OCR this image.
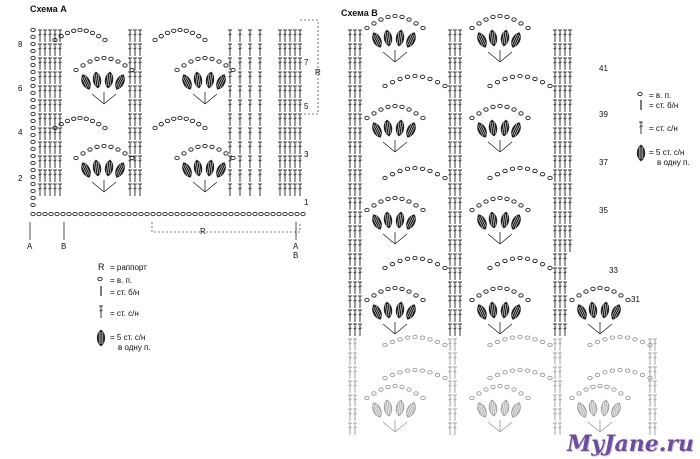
Схема А
8
6
4
2
7
5
3
1
R
R
A	B	A
B
Схема В
41
39
37
35
33
31
R = раппорт
= в. п.
= ст. б/н
= ст. с/н
= 5 ст. с/н
в одну п.
= в. п.
= ст. б/н
= ст. с/н
= 5 ст. с/н
в одну п.
MyJane.ru
